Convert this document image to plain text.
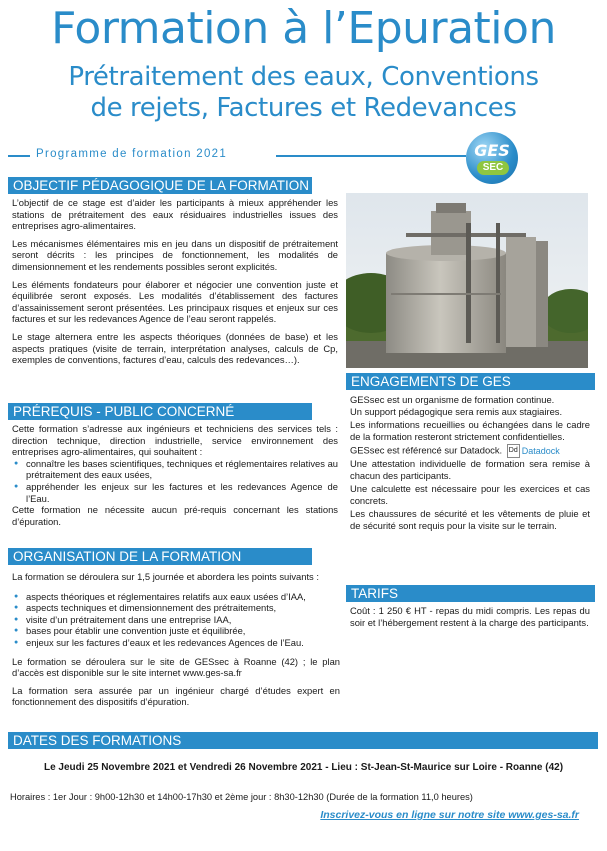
Formation à l’Epuration
Prétraitement des eaux, Conventions
de rejets, Factures et Redevances
Programme de formation 2021	GES
SEC
OBJECTIF PÉDAGOGIQUE DE LA FORMATION

L’objectif de ce stage est d’aider les participants à mieux appréhender les stations de prétraitement des eaux résiduaires industrielles issues des entreprises agro-alimentaires.

Les mécanismes élémentaires mis en jeu dans un dispositif de prétraitement seront décrits : les principes de fonctionnement, les modalités de dimensionnement et les rendements possibles seront explicités.

Les éléments fondateurs pour élaborer et négocier une convention juste et équilibrée seront exposés. Les modalités d’établissement des factures d’assainissement seront présentées. Les principaux risques et enjeux sur ces factures et sur les redevances Agence de l’eau seront rappelés.

Le stage alternera entre les aspects théoriques (données de base) et les aspects pratiques (visite de terrain, interprétation analyses, calculs de Cp, exemples de conventions, factures d’eau, calculs des redevances…).

PRÉREQUIS - PUBLIC CONCERNÉ

Cette formation s’adresse aux ingénieurs et techniciens des services tels : direction technique, direction industrielle, service environnement des entreprises agro-alimentaires, qui souhaitent :

● connaître les bases scientifiques, techniques et réglementaires relatives au prétraitement des eaux usées,
● appréhender les enjeux sur les factures et les redevances Agence de l’Eau.

Cette formation ne nécessite aucun pré-requis concernant les stations d’épuration.

ORGANISATION DE LA FORMATION

La formation se déroulera sur 1,5 journée et abordera les points suivants :

● aspects théoriques et réglementaires relatifs aux eaux usées d’IAA,
● aspects techniques et dimensionnement des prétraitements,
● visite d’un prétraitement dans une entreprise IAA,
● bases pour établir une convention juste et équilibrée,
● enjeux sur les factures d’eaux et les redevances Agences de l’Eau.

Le formation se déroulera sur le site de GESsec à Roanne (42) ; le plan d’accès est disponible sur le site internet www.ges-sa.fr

La formation sera assurée par un ingénieur chargé d’études expert en fonctionnement des dispositifs d’épuration.

ENGAGEMENTS DE GES
GESsec est un organisme de formation continue.
Un support pédagogique sera remis aux stagiaires.
Les informations recueillies ou échangées dans le cadre de la formation resteront strictement confidentielles.
GESsec est référencé sur Datadock. Dd Datadock
Une attestation individuelle de formation sera remise à chacun des participants.
Une calculette est nécessaire pour les exercices et cas concrets.
Les chaussures de sécurité et les vêtements de pluie et de sécurité sont requis pour la visite sur le terrain.
TARIFS
Coût : 1 250 € HT - repas du midi compris. Les repas du soir et l’hébergement restent à la charge des participants.
DATES DES FORMATIONS
Le Jeudi 25 Novembre 2021 et Vendredi 26 Novembre 2021 - Lieu : St-Jean-St-Maurice sur Loire - Roanne (42)
Horaires : 1er Jour : 9h00-12h30 et 14h00-17h30 et 2ème jour : 8h30-12h30 (Durée de la formation 11,0 heures)
Inscrivez-vous en ligne sur notre site www.ges-sa.fr
